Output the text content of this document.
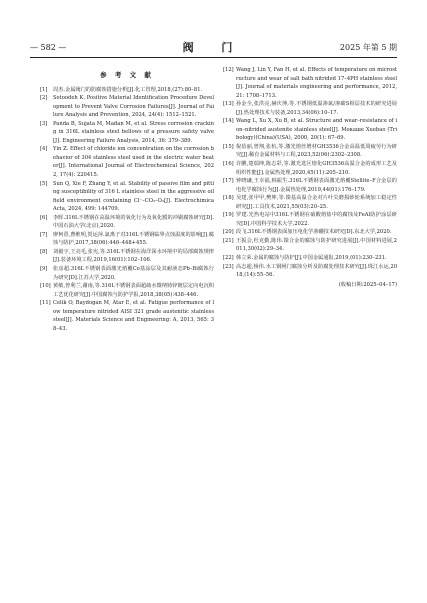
— 582 —	阀 门	2025 年第 5 期
参 考 文 献
[1]	周杰.金属阀门的防腐蚀措施分析[J].化工管理,2018,(27):80–81.
[2]	Sotoodeh K. Positive Material Identification Procedure Development to Prevent Valve Corrosion Failures[J]. Journal of Failure Analysis and Prevention, 2024, 24(4): 1512–1521.
[3]	Panda B, Sujata M, Madan M, et al. Stress corrosion cracking in 316L stainless steel bellows of a pressure safety valve[J]. Engineering Failure Analysis, 2014, 36: 379–389.
[4]	Yin Z. Effect of chloride ion concentration on the corrosion behavior of 304 stainless steel used in the electric water heater[J]. International Journal of Electrochemical Science, 2022, 17(4): 220415.
[5]	Sun Q, Xie F, Zhang Y, et al. Stability of passive film and pitting susceptibility of 316 L stainless steel in the aggressive oilfield environment containing Cl⁻–CO₂–O₂[J]. Electrochimica Acta, 2024, 499: 144709.
[6]	李晖.316L不锈钢在高温环境的氧化行为及氧化膜的冲刷腐蚀研究[D].中国石油大学(北京),2020.
[7]	廖柯熹,曹维明,贺运萍.氯离子对316L不锈钢临界点蚀温度的影响[J].腐蚀与防护,2017,38(06):446–448+455.
[8]	刘毅宇,王亮毛,张宪,等.316L不锈钢在海洋深水环境中的局部腐蚀规律[J].装备环境工程,2019,16(01):102–106.
[9]	张彦超.316L不锈钢表面激光熔覆Co基涂层及其耐液态Pb–Bi腐蚀行为研究[D].江苏大学,2020.
[10] 黄敏,曾利兰,谢南,等.316L不锈钢表面超疏水微纳铸锌镀层定向电沉积工艺优化研究[J].中国腐蚀与防护学报,2018,38(05):438–446.
[11] Celik O, Baydogan M, Atar E, et al. Fatigue performance of low temperature nitrided AISI 321 grade austenitic stainless steel[J]. Materials Science and Engineering: A, 2013, 565: 38–43.
[12] Wang J, Lin Y, Fan H, et al. Effects of temperature on microstructure and wear of salt bath nitrided 17–4PH stainless steel[J]. Journal of materials engineering and performance, 2012, 21: 1708–1713.
[13] 孙金全,张洪亮,赫庆坤,等.不锈钢低温渗氮/渗碳S相层技术的研究进展[J].热处理技术与装备,2013,34(06):10–17.
[14] Wang L, Xu X, Xu B, et al. Structure and wear–resistance of ion–nitrided austenite stainless steel[J]. Мокаше Xuebao (Tribology)(China)(USA), 2000, 20(1): 67–69.
[15] 倪蓓丽,曾翔,张杭,等.激光熔丝增材GH3536合金高温低周疲劳行为研究[J].稀有金属材料与工程,2023,52(06):2302–2308.
[16] 许鹏,楚瑞坤,陈志彩,等.激光选区熔化GH3536高温合金的成形工艺及组织性能[J].金属热处理,2020,45(11):205–210.
[17] 钟晓谦,王幸福,韩振生.316L不锈钢表面激光熔覆Stellite–F合金层的电化学腐蚀行为[J].金属热处理,2019,44(01):176–179.
[18] 吴建,张甲甲,樊坤,等.镍基高温合金对片叶尖磨损砂轮系统加工稳定性研究[J].工具技术,2021,55(03):20–25.
[19] 罗建.光热电站中316L不锈钢在硝酸熔盐中的腐蚀及FeAl防护涂层研究[D].中国科学技术大学,2022.
[20] 段飞.316L不锈钢表面加压电化学渗硼技术研究[D].东北大学,2020.
[21] 王振会,杜克勤,陈伟.镍合金的腐蚀与防护研究进展[J].中国材料进展,2011,30(02):29–34.
[22] 韩立荣.金属的腐蚀与防护[J].中国金属通报,2019,(01):230–231.
[23] 高志超,杨伟.水工钢闸门腐蚀分析及防腐处理技术研究[J].珠江水运,2018,(14):55–56.
(收稿日期:2025–04–17)
